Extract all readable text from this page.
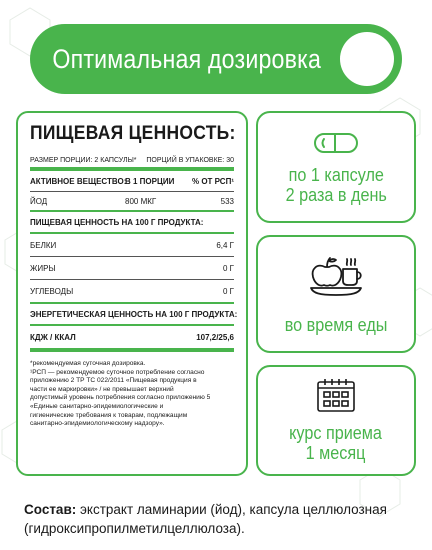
Оптимальная дозировка
ПИЩЕВАЯ ЦЕННОСТЬ:
РАЗМЕР ПОРЦИИ: 2 КАПСУЛЫ* ПОРЦИЙ В УПАКОВКЕ: 30
АКТИВНОЕ ВЕЩЕСТВО:
В 1 ПОРЦИИ	% ОТ РСП¹
ЙОД	800 МКГ	533
ПИЩЕВАЯ ЦЕННОСТЬ НА 100 Г ПРОДУКТА:
БЕЛКИ	6,4 Г
ЖИРЫ	0 Г
УГЛЕВОДЫ	0 Г
ЭНЕРГЕТИЧЕСКАЯ ЦЕННОСТЬ НА 100 Г ПРОДУКТА:
КДЖ / ККАЛ	107,2/25,6
*рекомендуемая суточная дозировка.
¹РСП — рекомендуемое суточное потребление согласно
приложению 2 ТР ТС 022/2011 «Пищевая продукция в
части ее маркировки» / не превышает верхний
допустимый уровень потребления согласно приложению 5
«Единые санитарно-эпидемиологические и
гигиенические требования к товарам, подлежащим
санитарно-эпидемиологическому надзору».
по 1 капсуле
2 раза в день
во время еды
курс приема
1 месяц
Состав: экстракт ламинарии (йод), капсула целлюлозная (гидроксипропилметилцеллюлоза).
